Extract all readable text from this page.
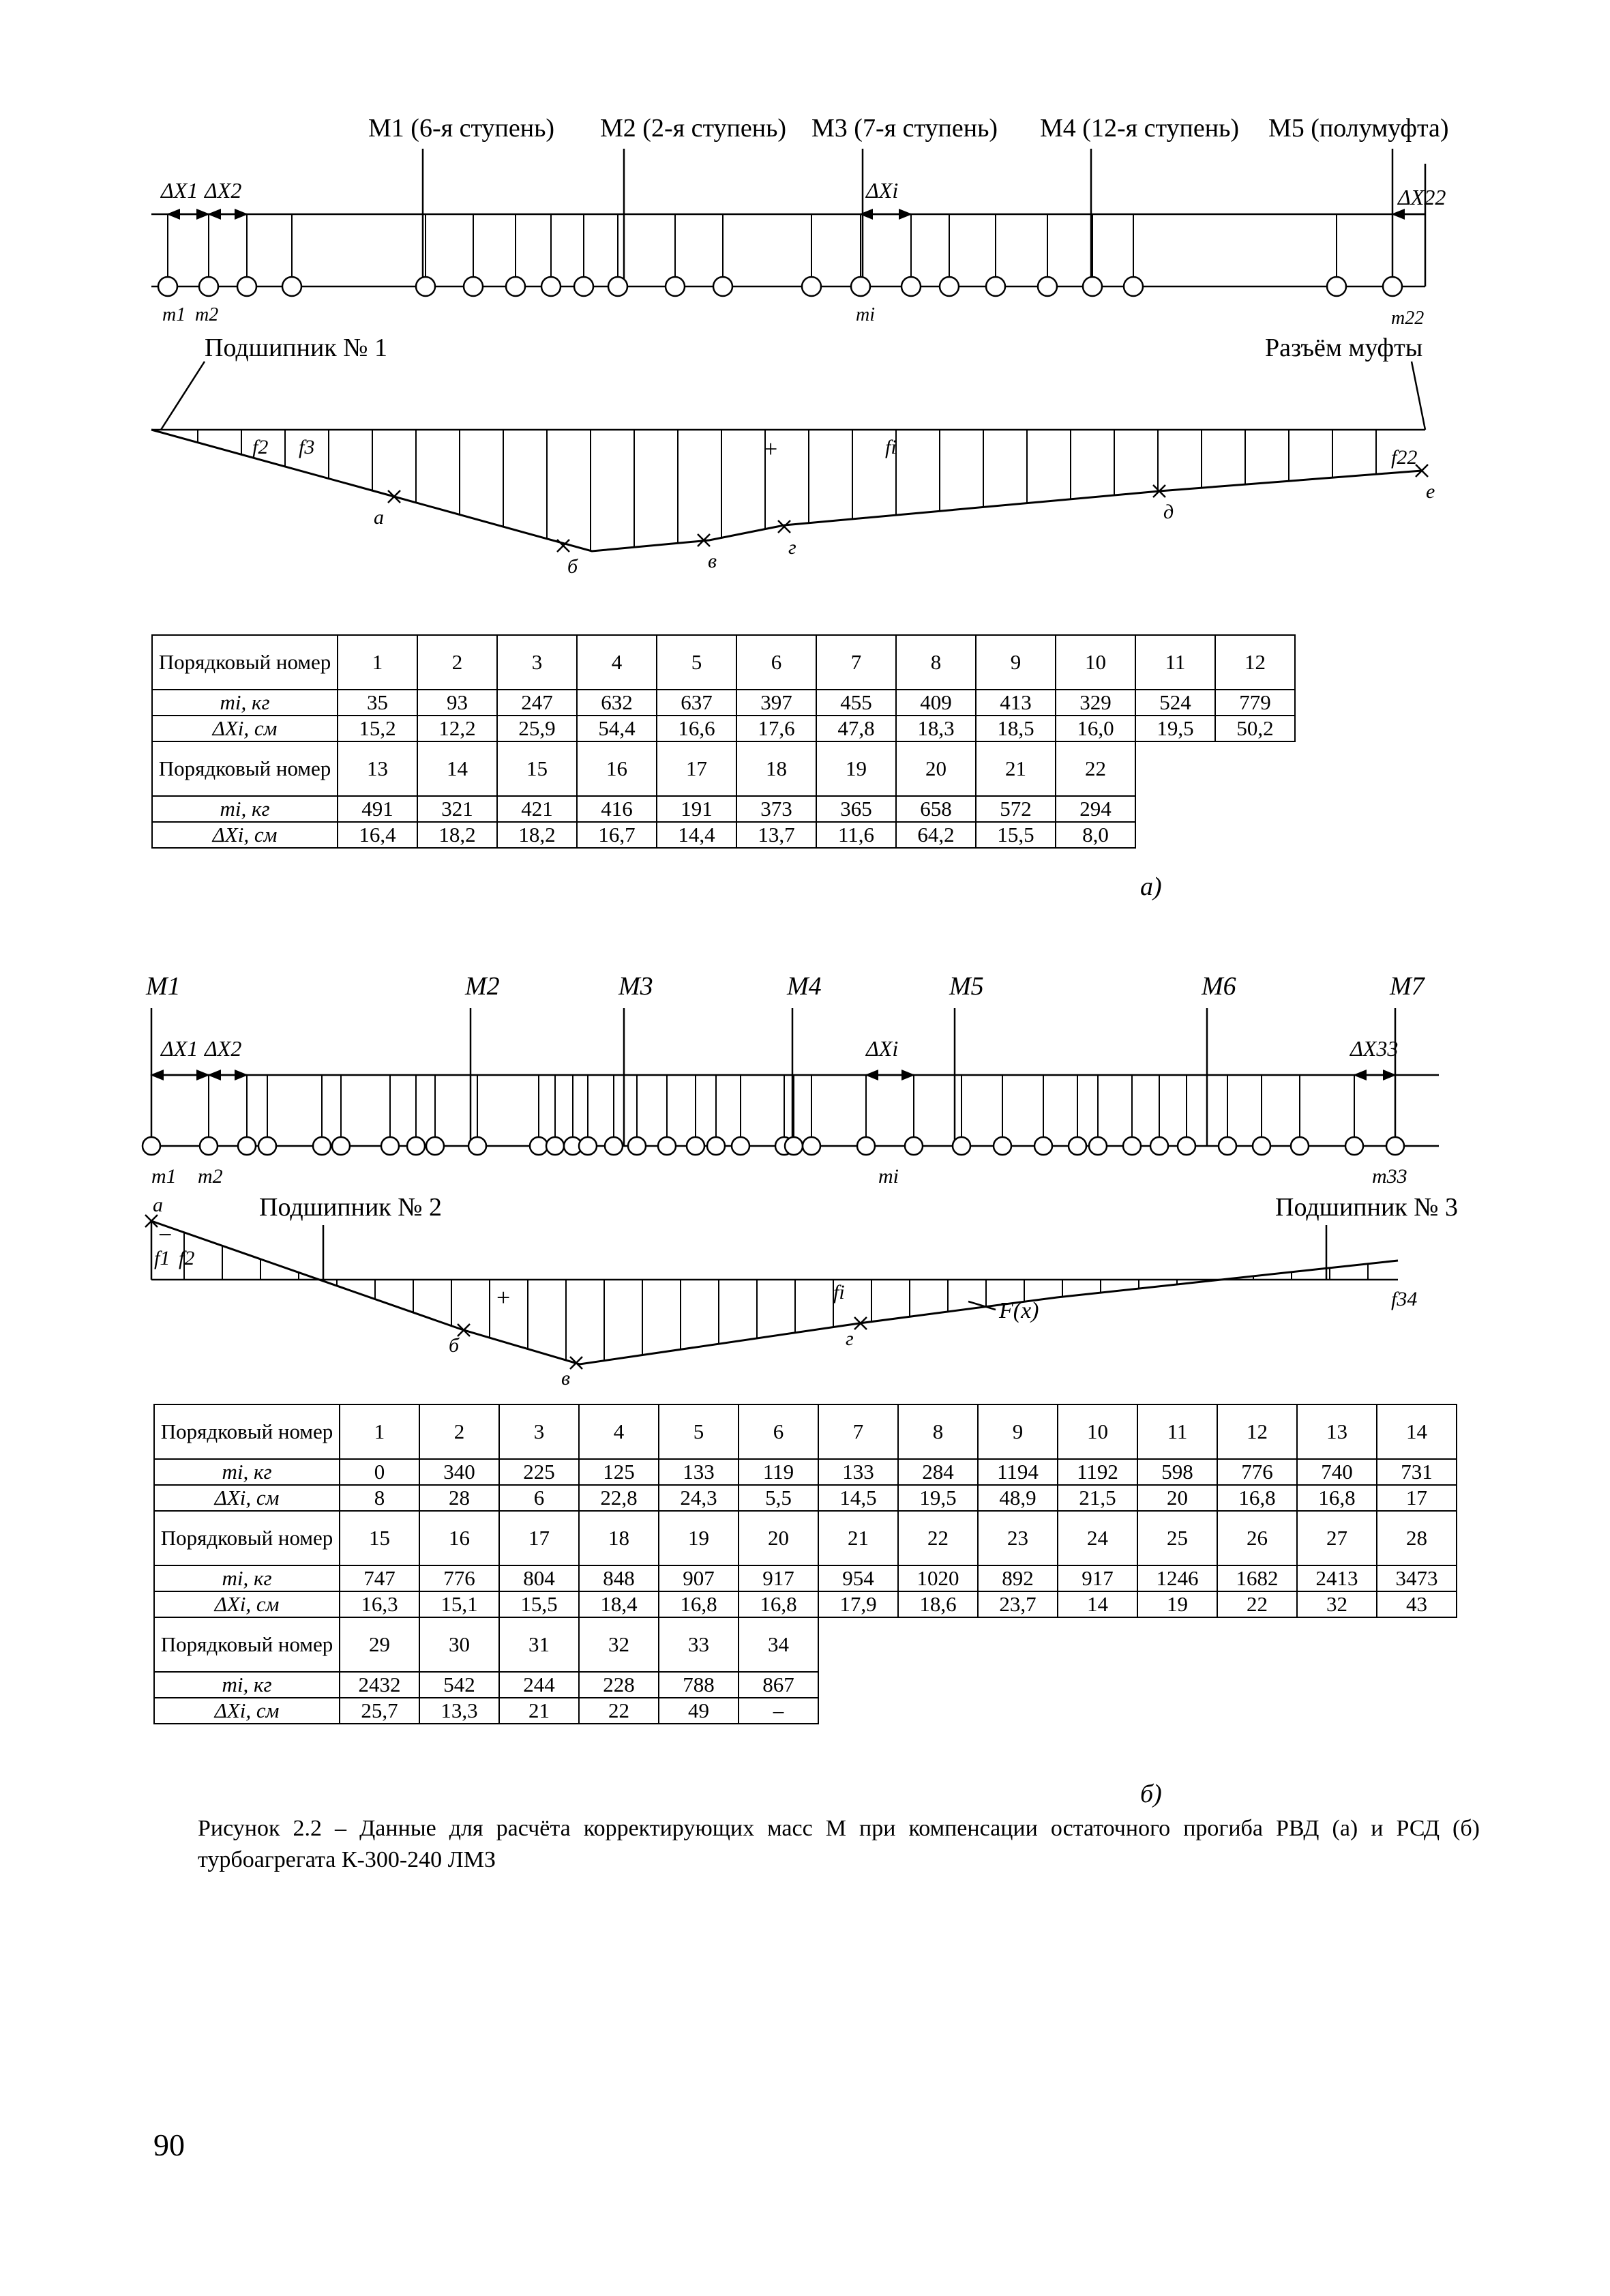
M1 (6-я ступень) M2 (2-я ступень) M3 (7-я ступень) M4 (12-я ступень) M5 (полумуфта)
ΔX1 ΔX2	ΔXi	ΔX22
m1 m2	mi	m22
Подшипник № 1	Разъём муфты
f2 f3	fi	f22
+
а
б	в
г
д
е
M1	M2	M3	M4	M5	M6	M7
ΔX1 ΔX2	ΔXi	ΔX33
m1 m2	mi	m33
Подшипник № 2	Подшипник № 3
f1 f2
fi	f34
−
+	F(x)
а
б
в
г
Порядковый номер	1	2	3	4	5	6	7	8	9	10	11	12
mi, кг	35	93	247	632	637	397	455	409	413	329	524	779
ΔXi, см	15,2	12,2	25,9	54,4	16,6	17,6	47,8	18,3	18,5	16,0	19,5	50,2
Порядковый номер	13	14	15	16	17	18	19	20	21	22		
mi, кг	491	321	421	416	191	373	365	658	572	294		
ΔXi, см	16,4	18,2	18,2	16,7	14,4	13,7	11,6	64,2	15,5	8,0		
а)
Порядковый номер	1	2	3	4	5	6	7	8	9	10	11	12	13	14
mi, кг	0	340	225	125	133	119	133	284	1194	1192	598	776	740	731
ΔXi, см	8	28	6	22,8	24,3	5,5	14,5	19,5	48,9	21,5	20	16,8	16,8	17
Порядковый номер	15	16	17	18	19	20	21	22	23	24	25	26	27	28
mi, кг	747	776	804	848	907	917	954	1020	892	917	1246	1682	2413	3473
ΔXi, см	16,3	15,1	15,5	18,4	16,8	16,8	17,9	18,6	23,7	14	19	22	32	43
Порядковый номер	29	30	31	32	33	34								
mi, кг	2432	542	244	228	788	867								
ΔXi, см	25,7	13,3	21	22	49	–								
б)
Рисунок 2.2 – Данные для расчёта корректирующих масс M при компенсации остаточного прогиба РВД (а) и РСД (б) турбоагрегата К-300-240 ЛМЗ
90
